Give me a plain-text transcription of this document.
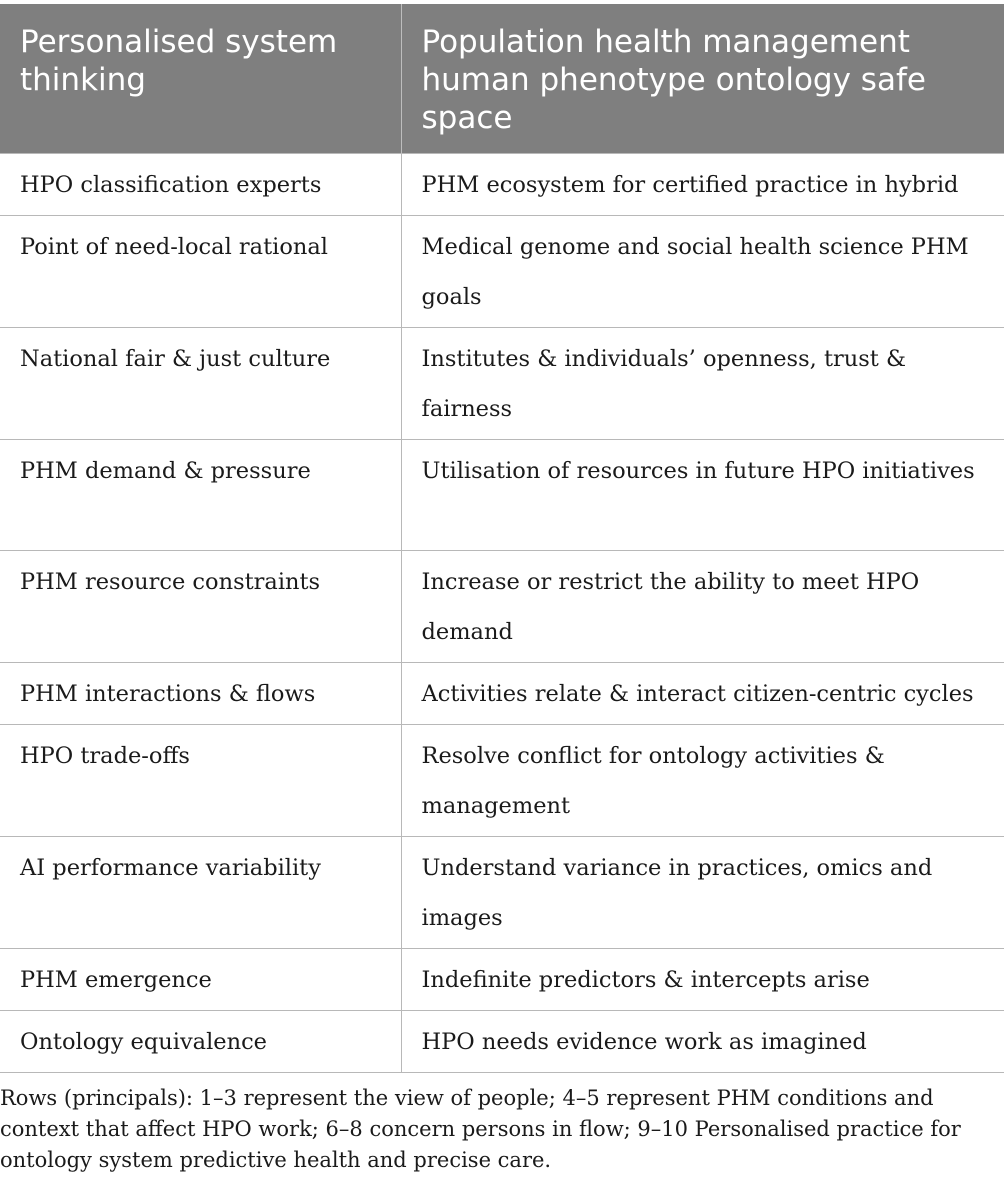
Personalised system thinking	Population health management human phenotype ontology safe space
HPO classification experts	PHM ecosystem for certified practice in hybrid
Point of need-local rational	Medical genome and social health science PHM goals
National fair & just culture	Institutes & individuals’ openness, trust & fairness
PHM demand & pressure	Utilisation of resources in future HPO initiatives
PHM resource constraints	Increase or restrict the ability to meet HPO demand
PHM interactions & flows	Activities relate & interact citizen-centric cycles
HPO trade-offs	Resolve conflict for ontology activities & management
AI performance variability	Understand variance in practices, omics and images
PHM emergence	Indefinite predictors & intercepts arise
Ontology equivalence	HPO needs evidence work as imagined

Rows (principals): 1–3 represent the view of people; 4–5 represent PHM conditions and context that affect HPO work; 6–8 concern persons in flow; 9–10 Personalised practice for ontology system predictive health and precise care.
